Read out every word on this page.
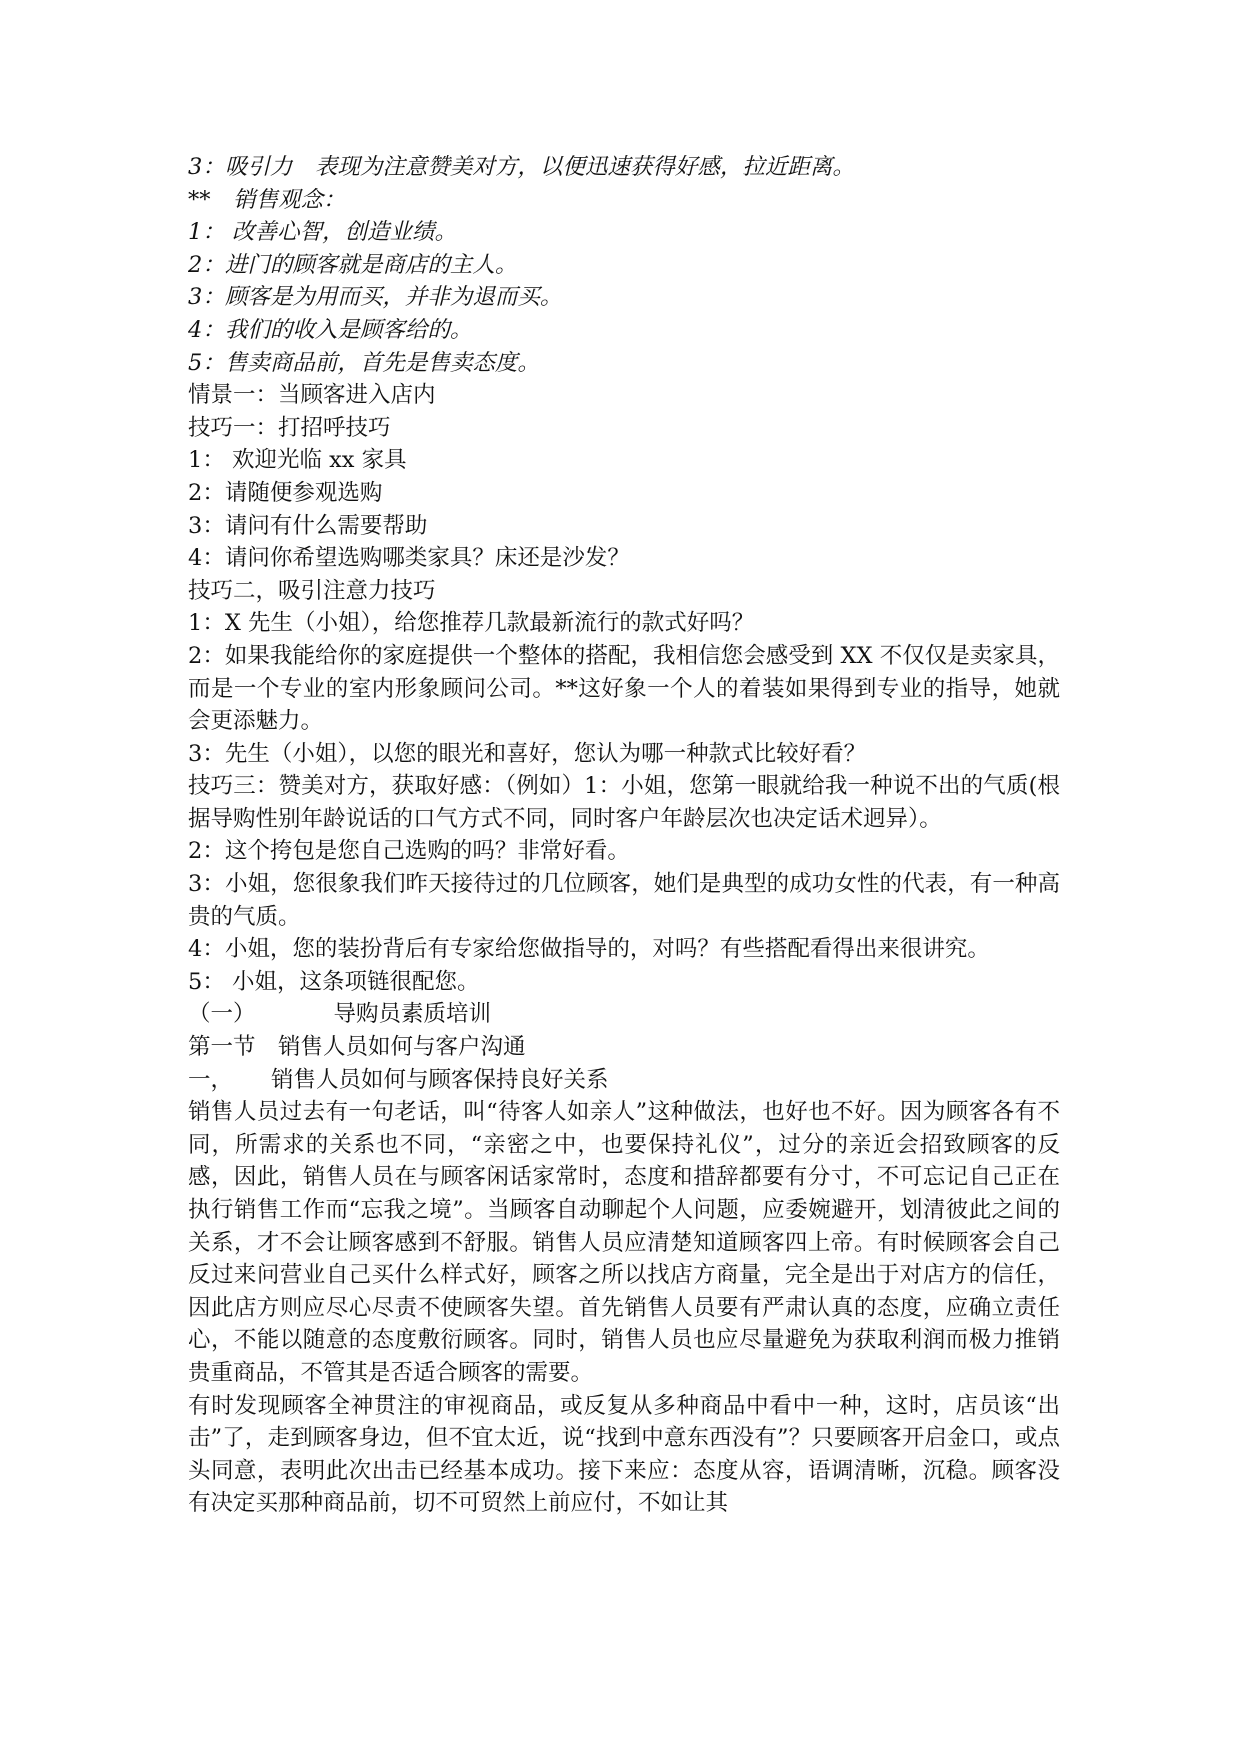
3：吸引力　表现为注意赞美对方，以便迅速获得好感，拉近距离。
**　销售观念：
1： 改善心智，创造业绩。
2：进门的顾客就是商店的主人。
3：顾客是为用而买，并非为退而买。
4：我们的收入是顾客给的。
5：售卖商品前，首先是售卖态度。
情景一：当顾客进入店内
技巧一：打招呼技巧
1： 欢迎光临 xx 家具
2：请随便参观选购
3：请问有什么需要帮助
4：请问你希望选购哪类家具？床还是沙发？
技巧二，吸引注意力技巧
1：X 先生（小姐），给您推荐几款最新流行的款式好吗？
2：如果我能给你的家庭提供一个整体的搭配，我相信您会感受到 XX 不仅仅是卖家具，而是一个专业的室内形象顾问公司。**这好象一个人的着装如果得到专业的指导，她就会更添魅力。
3：先生（小姐），以您的眼光和喜好，您认为哪一种款式比较好看？
技巧三：赞美对方，获取好感：（例如）1：小姐，您第一眼就给我一种说不出的气质(根据导购性别年龄说话的口气方式不同，同时客户年龄层次也决定话术迥异）。
2：这个挎包是您自己选购的吗？非常好看。
3：小姐，您很象我们昨天接待过的几位顾客，她们是典型的成功女性的代表，有一种高贵的气质。
4：小姐，您的装扮背后有专家给您做指导的，对吗？有些搭配看得出来很讲究。
5： 小姐，这条项链很配您。
（一）	导购员素质培训
第一节　销售人员如何与客户沟通
一， 销售人员如何与顾客保持良好关系
销售人员过去有一句老话，叫“待客人如亲人”这种做法，也好也不好。因为顾客各有不同，所需求的关系也不同，“亲密之中，也要保持礼仪”，过分的亲近会招致顾客的反感，因此，销售人员在与顾客闲话家常时，态度和措辞都要有分寸，不可忘记自己正在执行销售工作而“忘我之境”。当顾客自动聊起个人问题，应委婉避开，划清彼此之间的关系，才不会让顾客感到不舒服。销售人员应清楚知道顾客四上帝。有时候顾客会自己反过来问营业自己买什么样式好，顾客之所以找店方商量，完全是出于对店方的信任，因此店方则应尽心尽责不使顾客失望。首先销售人员要有严肃认真的态度，应确立责任心，不能以随意的态度敷衍顾客。同时，销售人员也应尽量避免为获取利润而极力推销贵重商品，不管其是否适合顾客的需要。
有时发现顾客全神贯注的审视商品，或反复从多种商品中看中一种，这时，店员该“出击”了，走到顾客身边，但不宜太近，说“找到中意东西没有”？只要顾客开启金口，或点头同意，表明此次出击已经基本成功。接下来应：态度从容，语调清晰，沉稳。顾客没有决定买那种商品前，切不可贸然上前应付，不如让其
